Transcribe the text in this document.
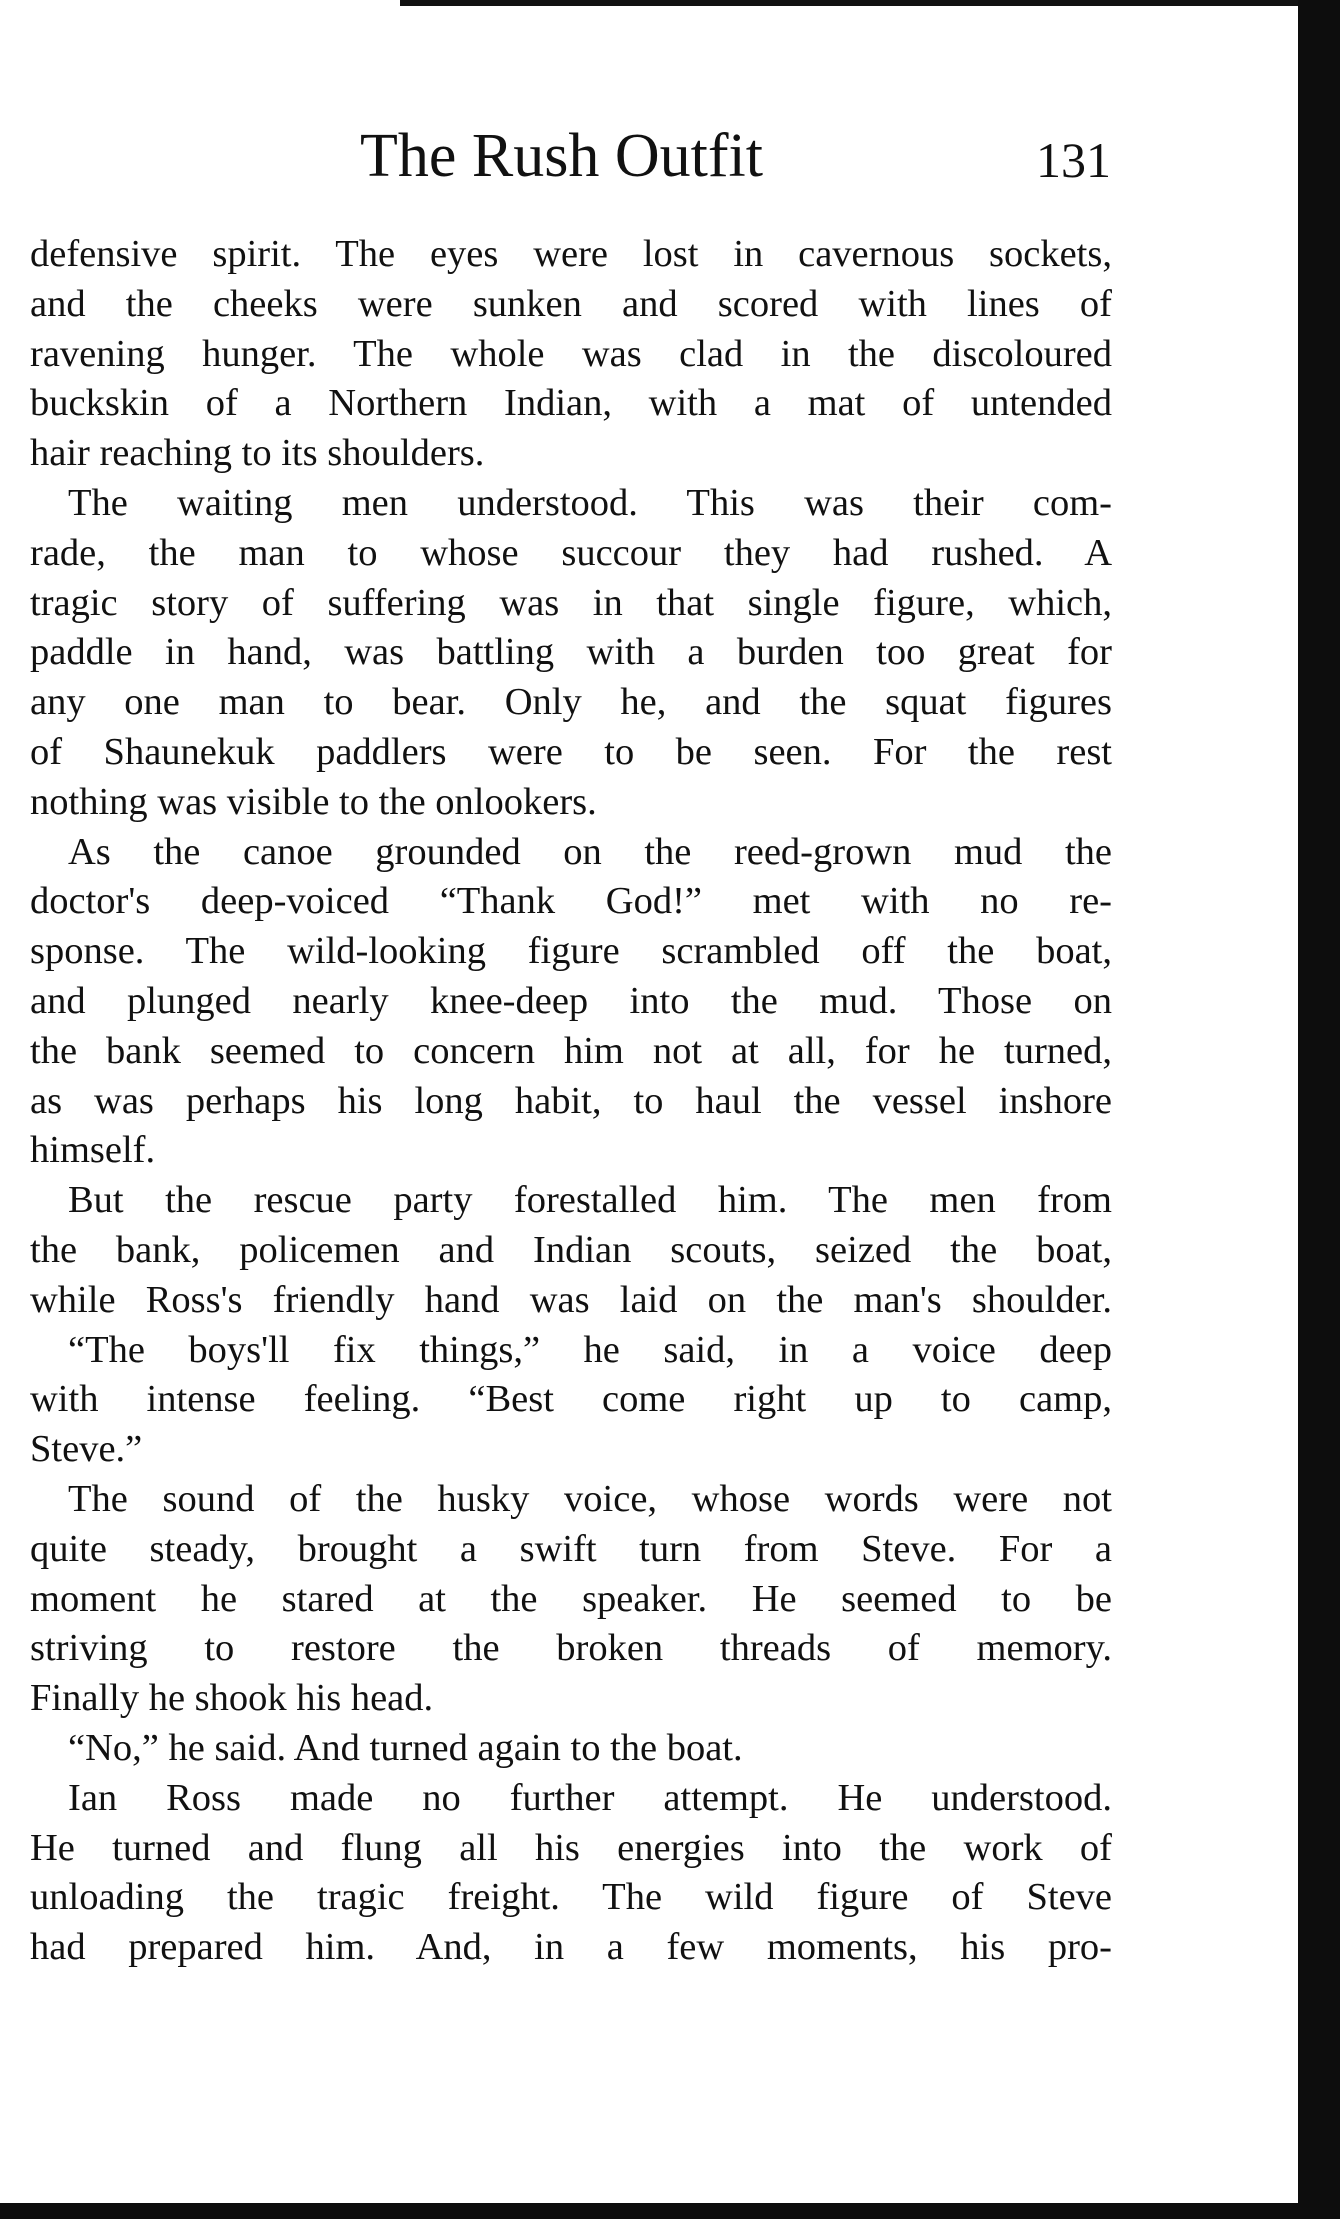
The Rush Outfit	131
defensive spirit. The eyes were lost in cavernous sockets,
and the cheeks were sunken and scored with lines of
ravening hunger. The whole was clad in the discoloured
buckskin of a Northern Indian, with a mat of untended
hair reaching to its shoulders.
The waiting men understood. This was their com-
rade, the man to whose succour they had rushed. A
tragic story of suffering was in that single figure, which,
paddle in hand, was battling with a burden too great for
any one man to bear. Only he, and the squat figures
of Shaunekuk paddlers were to be seen. For the rest
nothing was visible to the onlookers.
As the canoe grounded on the reed-grown mud the
doctor's deep-voiced “Thank God!” met with no re-
sponse. The wild-looking figure scrambled off the boat,
and plunged nearly knee-deep into the mud. Those on
the bank seemed to concern him not at all, for he turned,
as was perhaps his long habit, to haul the vessel inshore
himself.
But the rescue party forestalled him. The men from
the bank, policemen and Indian scouts, seized the boat,
while Ross's friendly hand was laid on the man's shoulder.
“The boys'll fix things,” he said, in a voice deep
with intense feeling. “Best come right up to camp,
Steve.”
The sound of the husky voice, whose words were not
quite steady, brought a swift turn from Steve. For a
moment he stared at the speaker. He seemed to be
striving to restore the broken threads of memory.
Finally he shook his head.
“No,” he said. And turned again to the boat.
Ian Ross made no further attempt. He understood.
He turned and flung all his energies into the work of
unloading the tragic freight. The wild figure of Steve
had prepared him. And, in a few moments, his pro-
